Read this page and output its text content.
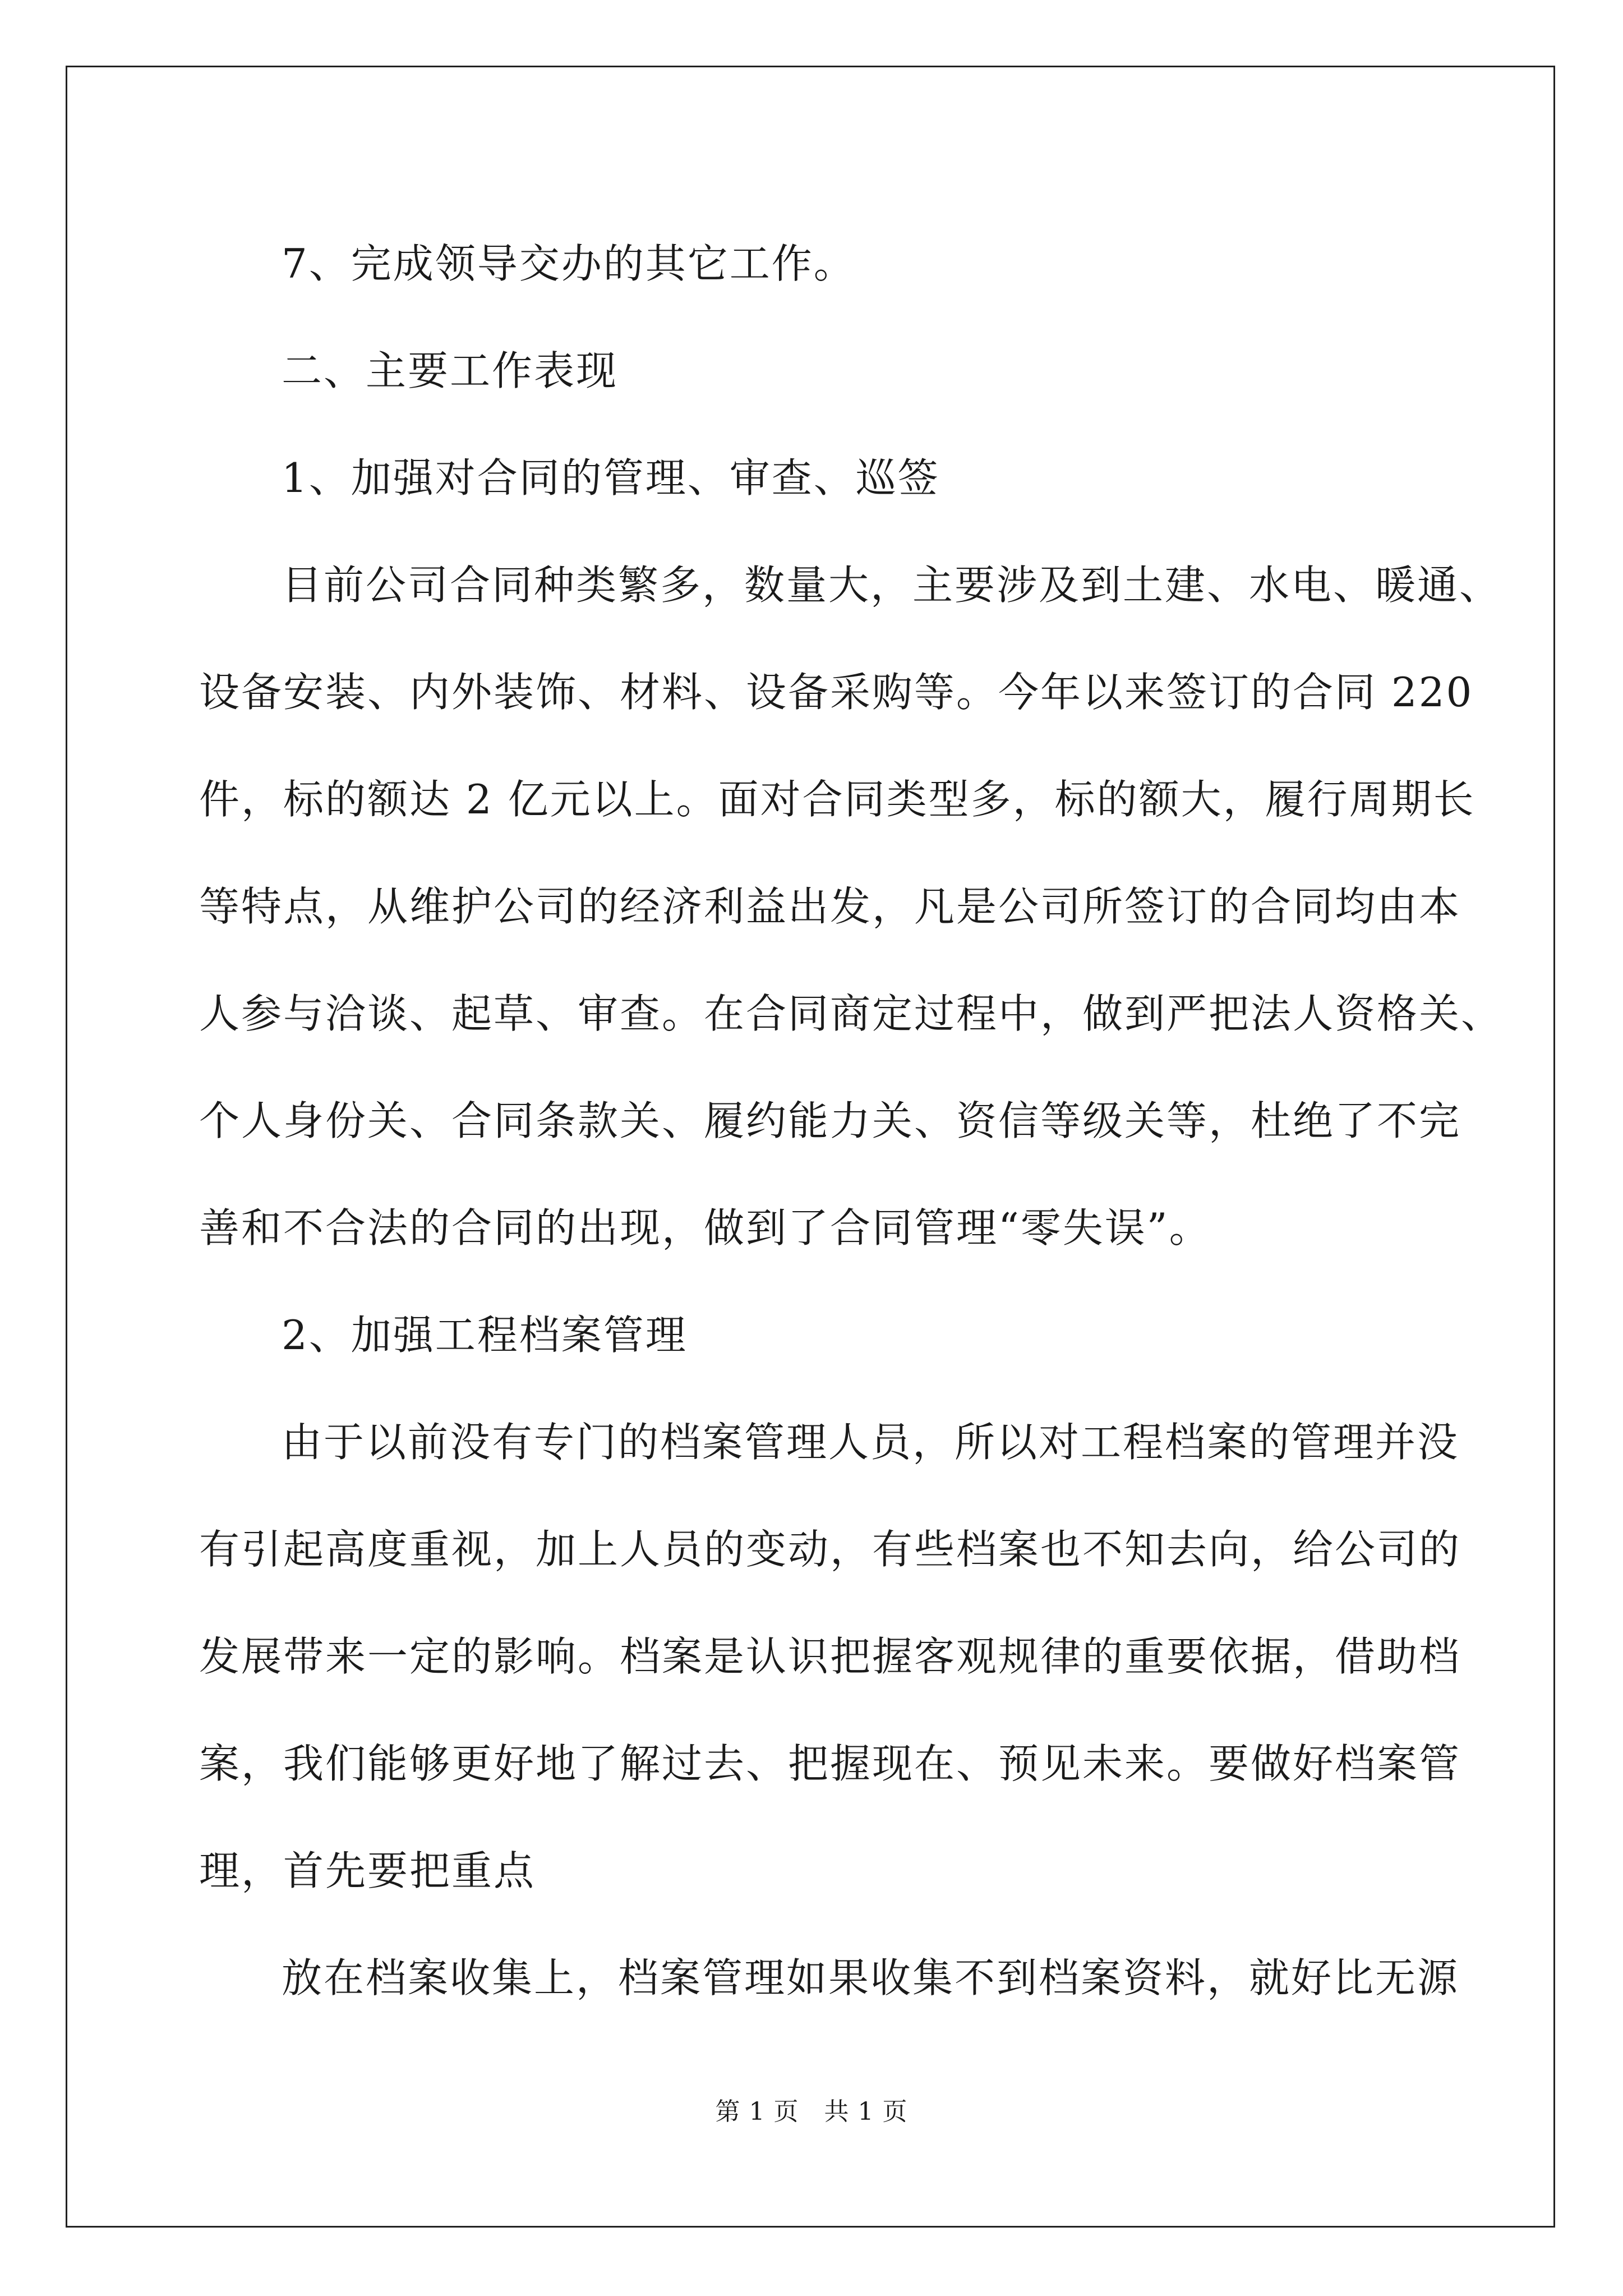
7、完成领导交办的其它工作。

二、主要工作表现

1、加强对合同的管理、审查、巡签

目前公司合同种类繁多，数量大，主要涉及到土建、水电、暖通、

设备安装、内外装饰、材料、设备采购等。今年以来签订的合同 220

件，标的额达 2 亿元以上。面对合同类型多，标的额大，履行周期长

等特点，从维护公司的经济利益出发，凡是公司所签订的合同均由本

人参与洽谈、起草、审查。在合同商定过程中，做到严把法人资格关、

个人身份关、合同条款关、履约能力关、资信等级关等，杜绝了不完

善和不合法的合同的出现，做到了合同管理“零失误”。

2、加强工程档案管理

由于以前没有专门的档案管理人员，所以对工程档案的管理并没

有引起高度重视，加上人员的变动，有些档案也不知去向，给公司的

发展带来一定的影响。档案是认识把握客观规律的重要依据，借助档

案，我们能够更好地了解过去、把握现在、预见未来。要做好档案管

理，首先要把重点

放在档案收集上，档案管理如果收集不到档案资料，就好比无源

第 1 页   共 1 页
